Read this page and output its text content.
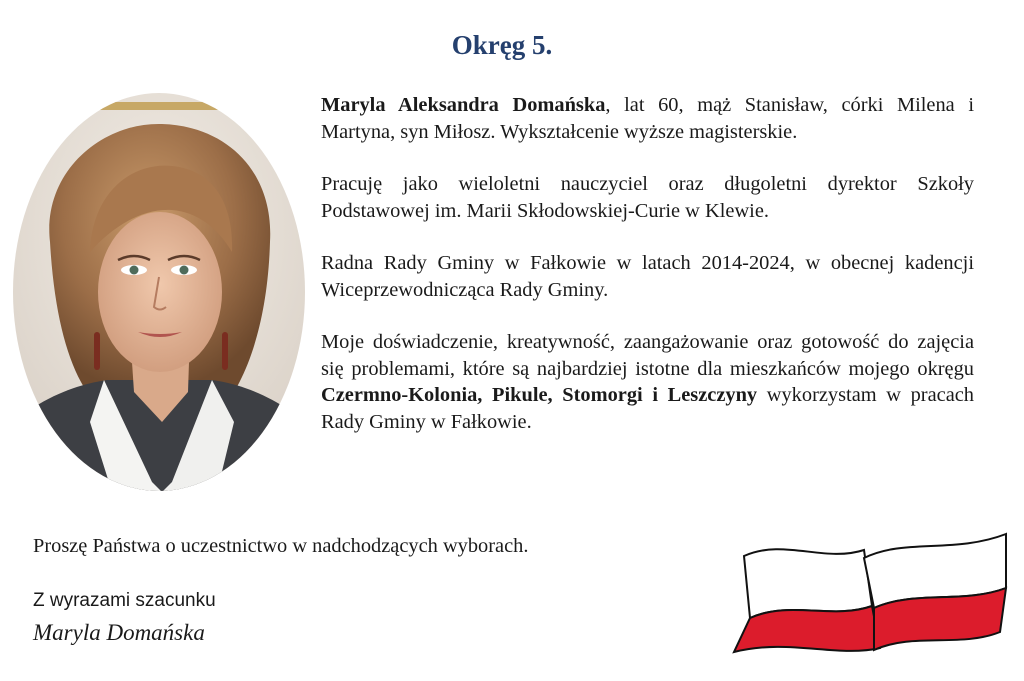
Okręg 5.

Maryla Aleksandra Domańska, lat 60, mąż Stanisław, córki Milena i Martyna, syn Miłosz. Wykształcenie wyższe magisterskie.

Pracuję jako wieloletni nauczyciel oraz długoletni dyrektor Szkoły Podstawowej im. Marii Skłodowskiej-Curie w Klewie.

Radna Rady Gminy w Fałkowie w latach 2014-2024, w obecnej kadencji Wiceprzewodnicząca Rady Gminy.

Moje doświadczenie, kreatywność, zaangażowanie oraz gotowość do zajęcia się problemami, które są najbardziej istotne dla mieszkańców mojego okręgu Czermno-Kolonia, Pikule, Stomorgi i Leszczyny wykorzystam w pracach Rady Gminy w Fałkowie.

Proszę Państwa o uczestnictwo w nadchodzących wyborach.
Z wyrazami szacunku
Maryla Domańska
